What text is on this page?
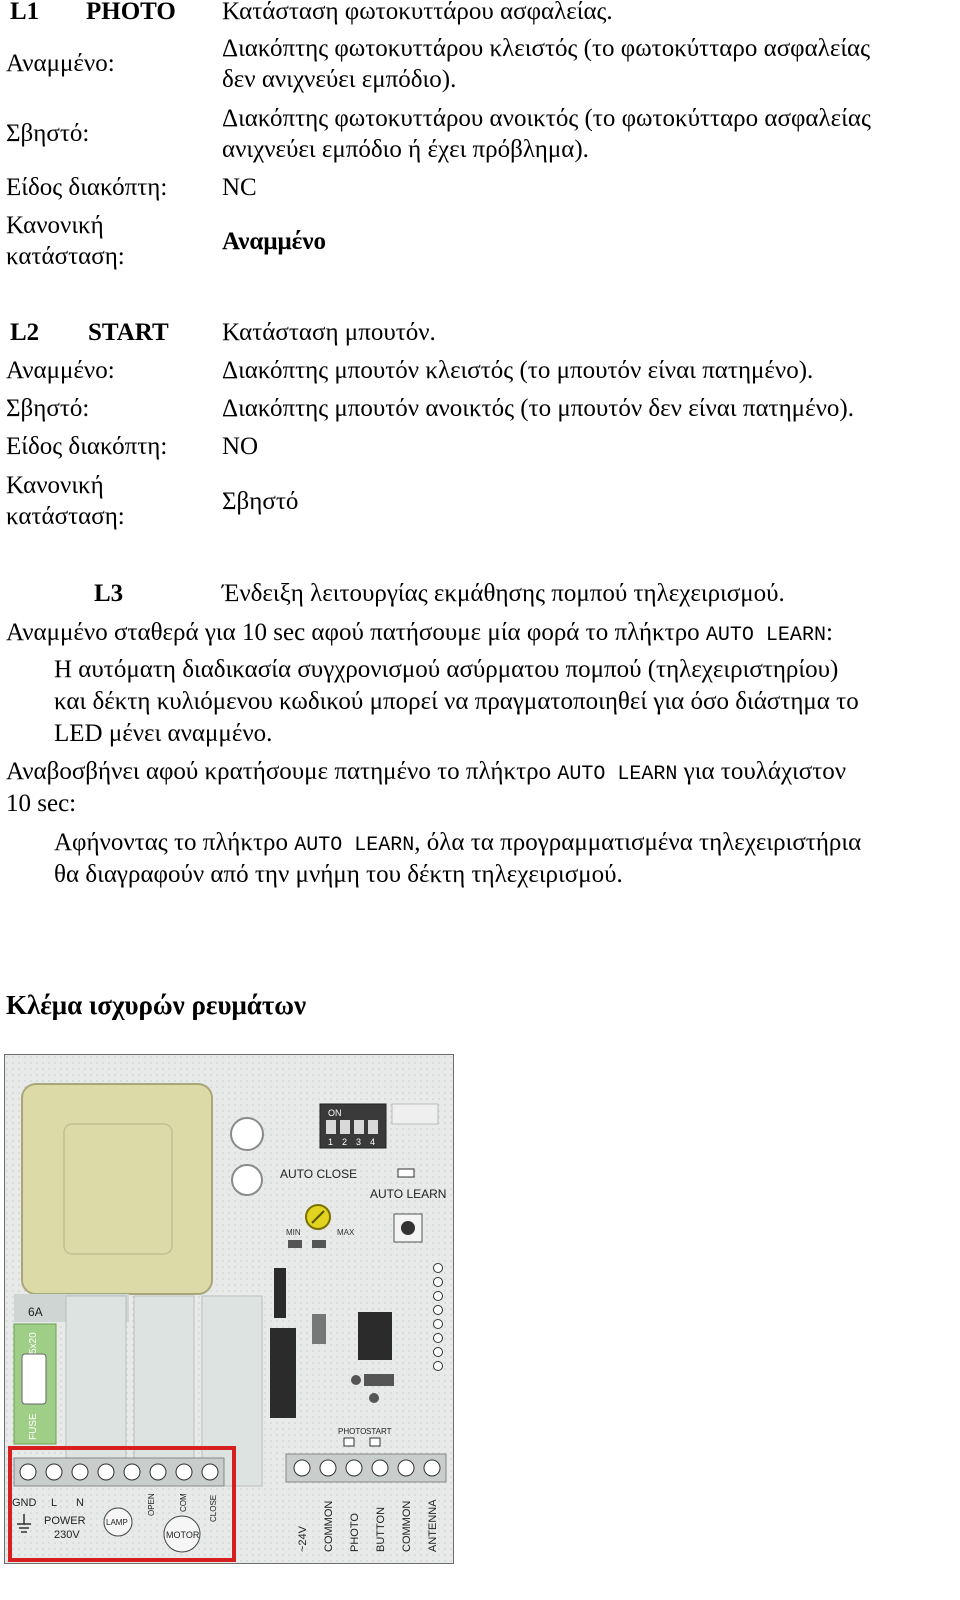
L1 PHOTO Κατάσταση φωτοκυττάρου ασφαλείας.
Αναμμένο:
Διακόπτης φωτοκυττάρου κλειστός (το φωτοκύτταρο ασφαλείας
δεν ανιχνεύει εμπόδιο).
Σβηστό:
Διακόπτης φωτοκυττάρου ανοικτός (το φωτοκύτταρο ασφαλείας
ανιχνεύει εμπόδιο ή έχει πρόβλημα).
Είδος διακόπτη: NC
Κανονική
κατάσταση:
Αναμμένο
L2 START Κατάσταση μπουτόν.
Αναμμένο:	Διακόπτης μπουτόν κλειστός (το μπουτόν είναι πατημένο).
Σβηστό:	Διακόπτης μπουτόν ανοικτός (το μπουτόν δεν είναι πατημένο).
Είδος διακόπτη: NO
Κανονική
κατάσταση:
Σβηστό
L3	Ένδειξη λειτουργίας εκμάθησης πομπού τηλεχειρισμού.
Αναμμένο σταθερά για 10 sec αφού πατήσουμε μία φορά το πλήκτρο AUTO LEARN:
Η αυτόματη διαδικασία συγχρονισμού ασύρματου πομπού (τηλεχειριστηρίου)
και δέκτη κυλιόμενου κωδικού μπορεί να πραγματοποιηθεί για όσο διάστημα το
LED μένει αναμμένο.
Αναβοσβήνει αφού κρατήσουμε πατημένο το πλήκτρο AUTO LEARN για τουλάχιστον
10 sec:
Αφήνοντας το πλήκτρο AUTO LEARN, όλα τα προγραμματισμένα τηλεχειριστήρια
θα διαγραφούν από την μνήμη του δέκτη τηλεχειρισμού.
Κλέμα ισχυρών ρευμάτων
ON
1 2 3 4
AUTO CLOSE
AUTO LEARN
MIN	MAX
6A
5x20
FUSE	PHOTO START
~24V COMMON PHOTO BUTTON COMMON ANTENNA
GND L N
POWER
230V
LAMP
OPEN	COM	CLOSE
MOTOR
